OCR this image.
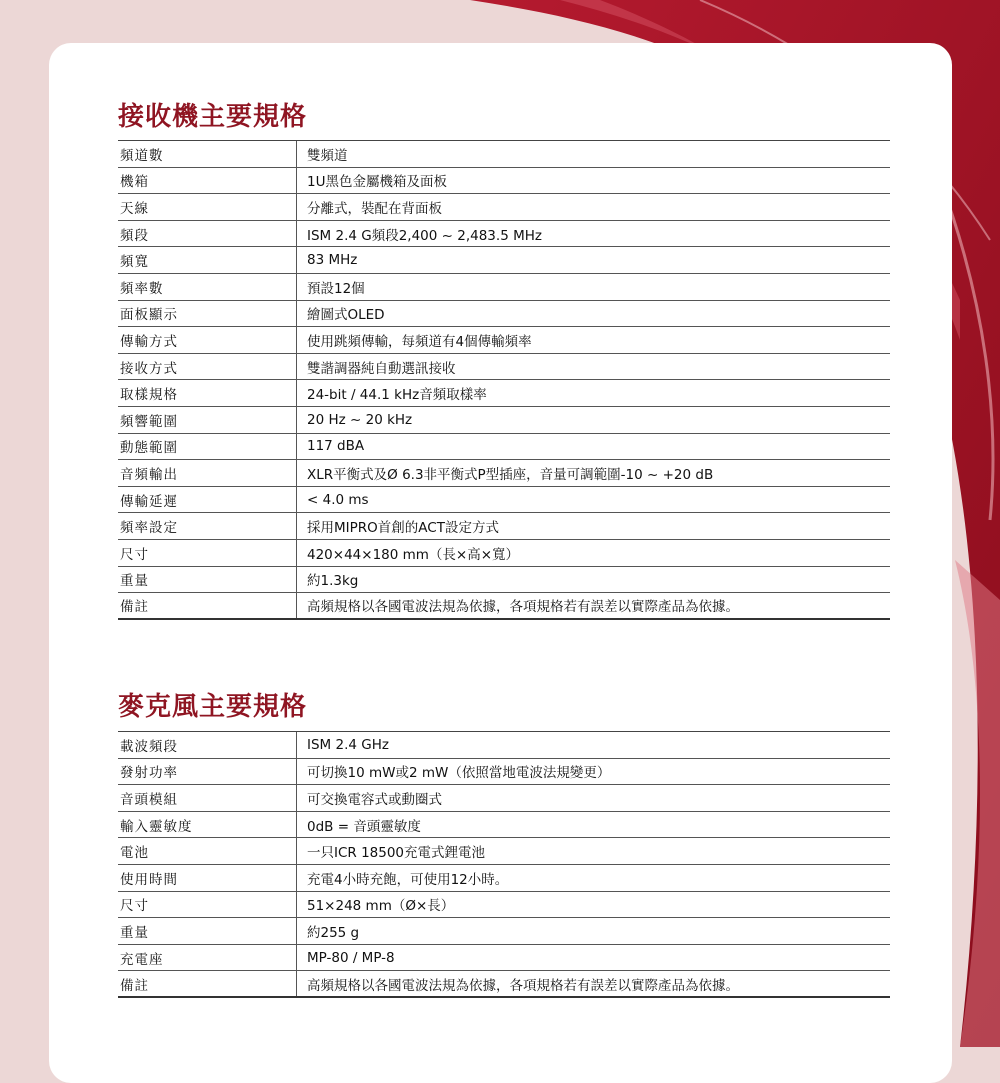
接收機主要規格
頻道數	雙頻道
機箱	1U黑色金屬機箱及面板
天線	分離式，裝配在背面板
頻段	ISM 2.4 G頻段2,400 ~ 2,483.5 MHz
頻寬	83 MHz
頻率數	預設12個
面板顯示	繪圖式OLED
傳輸方式	使用跳頻傳輸，每頻道有4個傳輸頻率
接收方式	雙諧調器純自動選訊接收
取樣規格	24-bit / 44.1 kHz音頻取樣率
頻響範圍	20 Hz ~ 20 kHz
動態範圍	117 dBA
音頻輸出	XLR平衡式及Ø 6.3非平衡式P型插座，音量可調範圍-10 ~ +20 dB
傳輸延遲	< 4.0 ms
頻率設定	採用MIPRO首創的ACT設定方式
尺寸	420×44×180 mm（長×高×寬）
重量	約1.3kg
備註	高頻規格以各國電波法規為依據，各項規格若有誤差以實際產品為依據。
麥克風主要規格
載波頻段	ISM 2.4 GHz
發射功率	可切換10 mW或2 mW（依照當地電波法規變更）
音頭模組	可交換電容式或動圈式
輸入靈敏度	0dB = 音頭靈敏度
電池	一只ICR 18500充電式鋰電池
使用時間	充電4小時充飽，可使用12小時。
尺寸	51×248 mm（Ø×長）
重量	約255 g
充電座	MP-80 / MP-8
備註	高頻規格以各國電波法規為依據，各項規格若有誤差以實際產品為依據。
